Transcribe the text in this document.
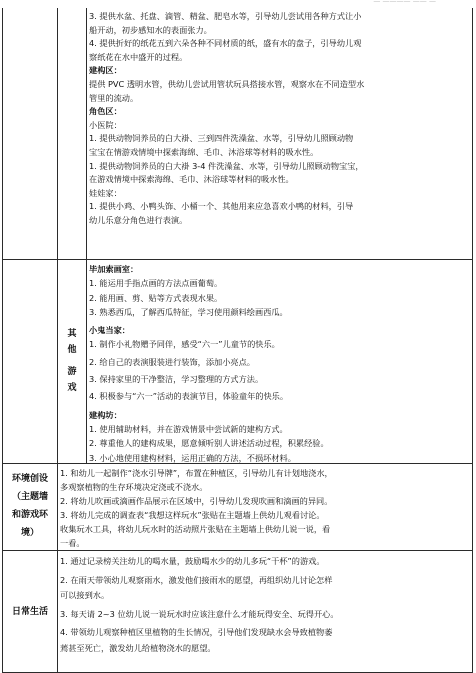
— ———— —— —

3. 提供水盆、托盘、滴管、精盆、肥皂水等，引导幼儿尝试用各种方式让小

船开动，初步感知水的表面张力。

4. 提供折好的纸花五到六朵各种不同材质的纸，盛有水的盘子，引导幼儿观

察纸花在水中盛开的过程。

建构区：

提供 PVC 透明水管，供幼儿尝试用管状玩具搭接水管，观察水在不同造型水

管里的流动。

角色区：

小医院：

1. 提供动物饲养员的白大褂、三到四件洗澡盆、水等，引导幼儿照顾动物

宝宝在情游戏情境中探索海绵、毛巾、沐浴球等材料的吸水性。

1. 提供动物饲养员的白大褂 3-4 件洗澡盆、水等，引导幼儿照顾动物宝宝，

在游戏情境中探索海绵、毛巾、沐浴球等材料的吸水性。

娃娃家：

1. 提供小鸡、小鸭头饰、小桶一个、其他用来应急喜欢小鸭的材料，引导

幼儿乐意分角色进行表演。

其
他
游
戏

毕加索画室：

1. 能运用手指点画的方法点画葡萄。

2. 能用画、剪、贴等方式表现水果。

3. 熟悉西瓜，了解西瓜特征，学习使用颜料绘画西瓜。

小鬼当家：

1. 制作小礼物赠予同伴，感受“六一”儿童节的快乐。

2. 给自己的表演服装进行装饰，添加小亮点。

3. 保持家里的干净整洁，学习整理的方式方法。

4. 积极参与“六一”活动的表演节目，体验童年的快乐。

建构坊：

1. 使用辅助材料，并在游戏情景中尝试新的建构方式。

2. 尊重他人的建构成果，愿意倾听别人讲述活动过程，积累经验。

3. 小心地使用建构材料，运用正确的方法，不损坏材料。

环境创设
（主题墙
和游戏环
境）

1. 和幼儿一起制作“浇水引导牌”，布置在种植区，引导幼儿有计划地浇水，

多观察植物的生存环境决定浇或不浇水。

2. 将幼儿吹画或滴画作品展示在区域中，引导幼儿发现吹画和滴画的异同。

3. 将幼儿完成的调查表“我想这样玩水”张贴在主题墙上供幼儿观看讨论。

收集玩水工具，将幼儿玩水时的活动照片张贴在主题墙上供幼儿说一说，看

一看。

日常生活

1. 通过记录榜关注幼儿的喝水量，鼓励喝水少的幼儿多玩“干杯”的游戏。

2. 在雨天带领幼儿观察雨水，激发他们接雨水的愿望，再组织幼儿讨论怎样

可以接到水。

3. 每天请 2~3 位幼儿说一说玩水时应该注意什么才能玩得安全、玩得开心。

4. 带领幼儿观察种植区里植物的生长情况，引导他们发现缺水会导致植物萎

蔫甚至死亡，激发幼儿给植物浇水的愿望。
